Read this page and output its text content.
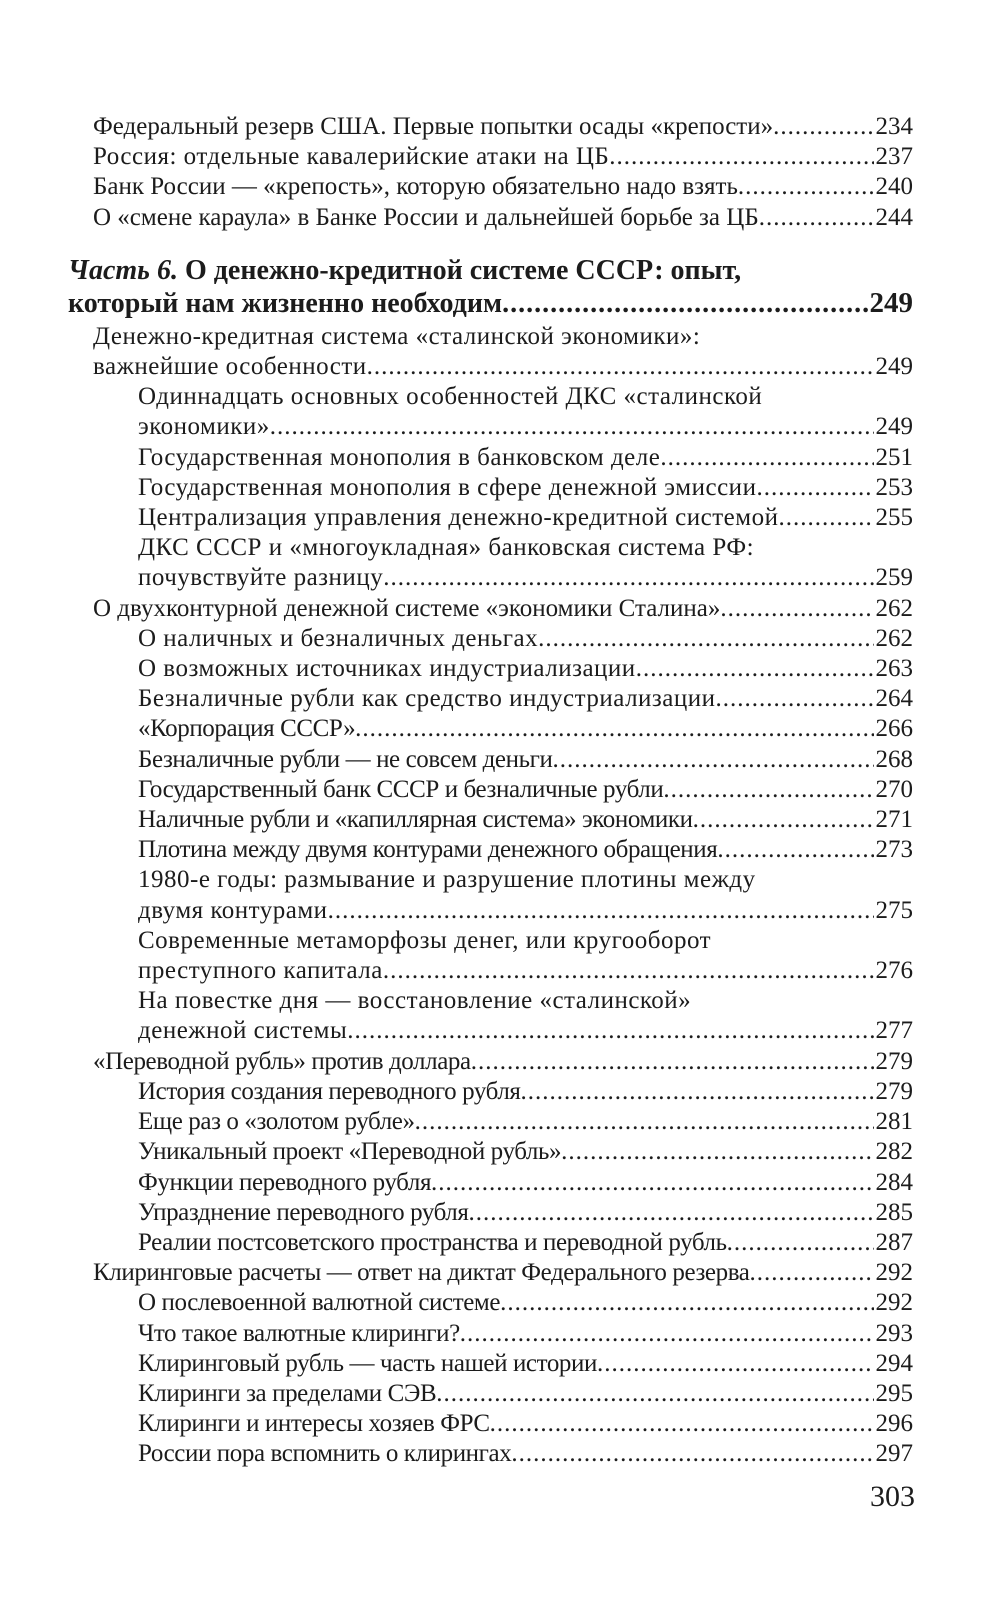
Федеральный резерв США. Первые попытки осады «крепости» .....	234
Россия: отдельные кавалерийские атаки на ЦБ .....	237
Банк России — «крепость», которую обязательно надо взять .....	240
О «смене караула» в Банке России и дальнейшей борьбе за ЦБ .....	244
Часть 6. О денежно-кредитной системе СССР: опыт,
который нам жизненно необходим .....	249
Денежно-кредитная система «сталинской экономики»:
важнейшие особенности .....	249
Одиннадцать основных особенностей ДКС «сталинской
экономики» .....	249
Государственная монополия в банковском деле .....	251
Государственная монополия в сфере денежной эмиссии .....	253
Централизация управления денежно-кредитной системой .....	255
ДКС СССР и «многоукладная» банковская система РФ:
почувствуйте разницу .....	259
О двухконтурной денежной системе «экономики Сталина» .....	262
О наличных и безналичных деньгах .....	262
О возможных источниках индустриализации .....	263
Безналичные рубли как средство индустриализации .....	264
«Корпорация СССР» .....	266
Безналичные рубли — не совсем деньги .....	268
Государственный банк СССР и безналичные рубли .....	270
Наличные рубли и «капиллярная система» экономики .....	271
Плотина между двумя контурами денежного обращения .....	273
1980-е годы: размывание и разрушение плотины между
двумя контурами .....	275
Современные метаморфозы денег, или кругооборот
преступного капитала .....	276
На повестке дня — восстановление «сталинской»
денежной системы .....	277
«Переводной рубль» против доллара .....	279
История создания переводного рубля .....	279
Еще раз о «золотом рубле» .....	281
Уникальный проект «Переводной рубль» .....	282
Функции переводного рубля .....	284
Упразднение переводного рубля .....	285
Реалии постсоветского пространства и переводной рубль .....	287
Клиринговые расчеты — ответ на диктат Федерального резерва .....	292
О послевоенной валютной системе .....	292
Что такое валютные клиринги? .....	293
Клиринговый рубль — часть нашей истории .....	294
Клиринги за пределами СЭВ .....	295
Клиринги и интересы хозяев ФРС .....	296
России пора вспомнить о клирингах .....	297
303
